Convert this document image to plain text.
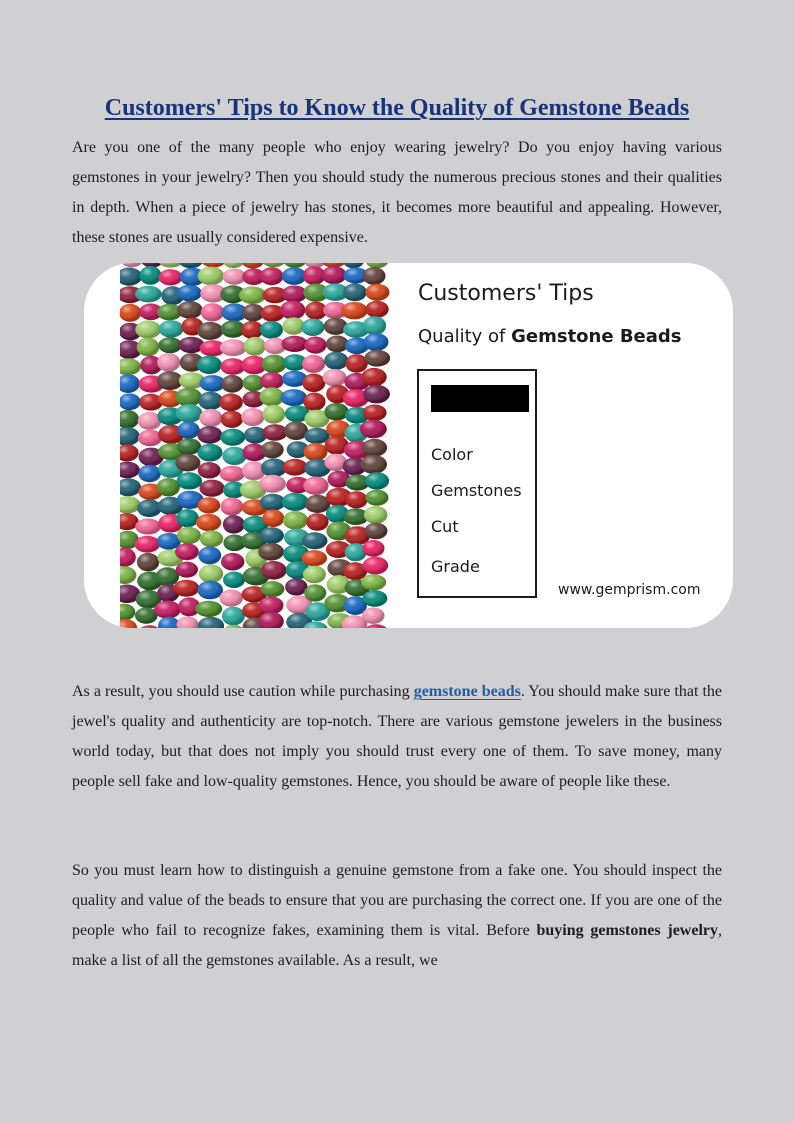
Customers' Tips to Know the Quality of Gemstone Beads

Are you one of the many people who enjoy wearing jewelry? Do you enjoy having various gemstones in your jewelry? Then you should study the numerous precious stones and their qualities in depth. When a piece of jewelry has stones, it becomes more beautiful and appealing. However, these stones are usually considered expensive.

Customers' Tips
Quality of Gemstone Beads
Color
Gemstones
Cut
Grade
www.gemprism.com

As a result, you should use caution while purchasing gemstone beads. You should make sure that the jewel's quality and authenticity are top-notch. There are various gemstone jewelers in the business world today, but that does not imply you should trust every one of them. To save money, many people sell fake and low-quality gemstones. Hence, you should be aware of people like these.

So you must learn how to distinguish a genuine gemstone from a fake one. You should inspect the quality and value of the beads to ensure that you are purchasing the correct one. If you are one of the people who fail to recognize fakes, examining them is vital. Before buying gemstones jewelry, make a list of all the gemstones available. As a result, we
